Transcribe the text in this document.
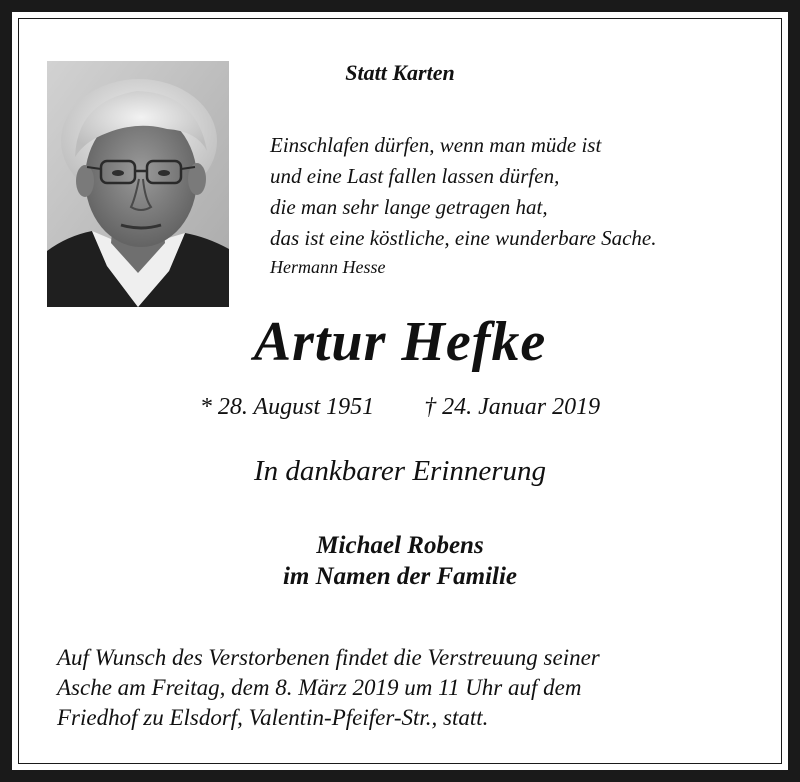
Statt Karten
Einschlafen dürfen, wenn man müde ist
und eine Last fallen lassen dürfen,
die man sehr lange getragen hat,
das ist eine köstliche, eine wunderbare Sache.
Hermann Hesse
Artur Hefke
* 28. August 1951 † 24. Januar 2019
In dankbarer Erinnerung
Michael Robens
im Namen der Familie
Auf Wunsch des Verstorbenen findet die Verstreuung seiner
Asche am Freitag, dem 8. März 2019 um 11 Uhr auf dem
Friedhof zu Elsdorf, Valentin-Pfeifer-Str., statt.
